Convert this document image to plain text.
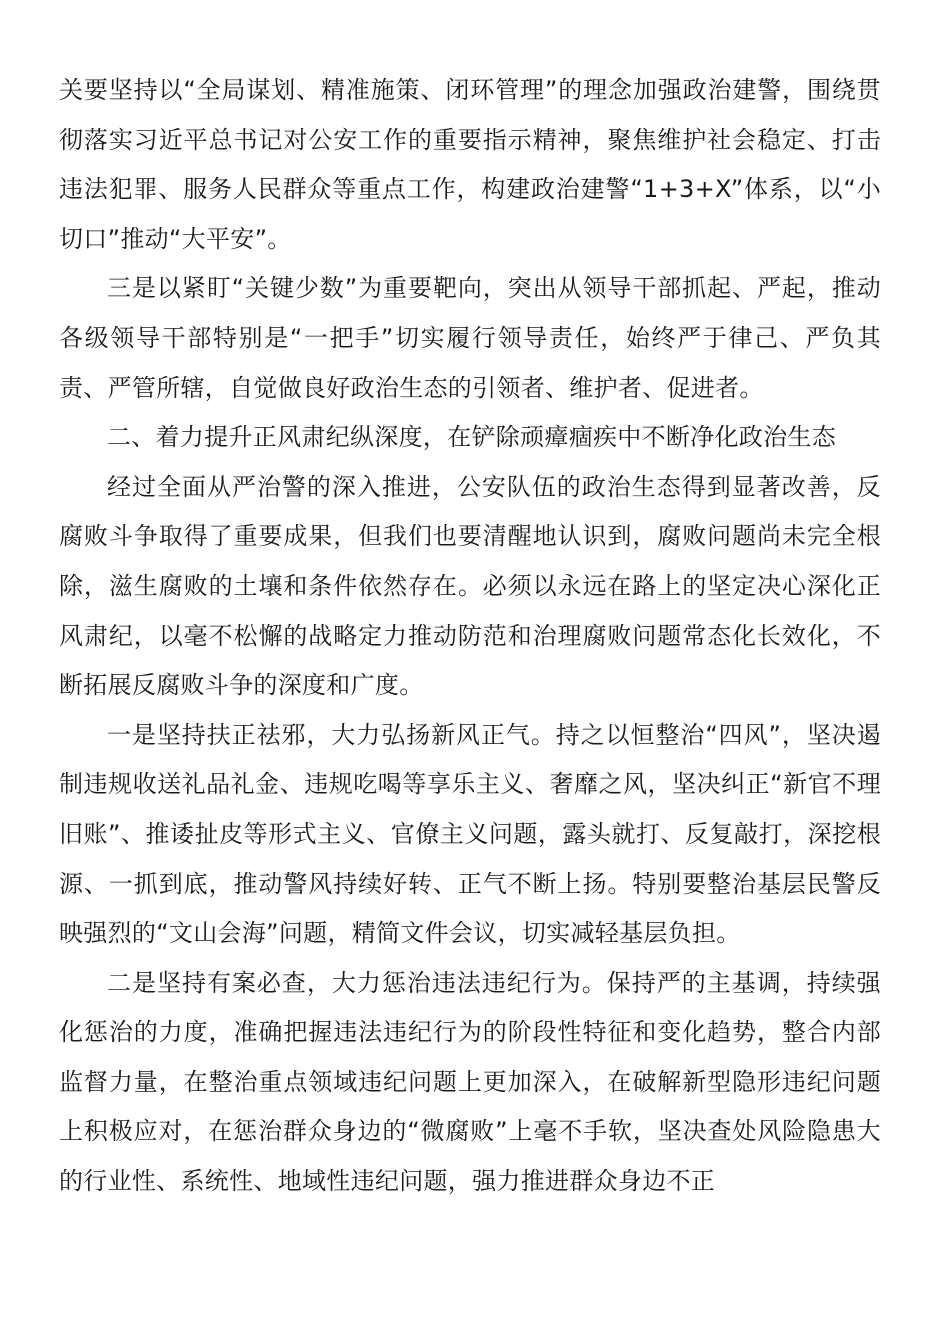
关要坚持以“全局谋划、精准施策、闭环管理”的理念加强政治建警，围绕贯彻落实习近平总书记对公安工作的重要指示精神，聚焦维护社会稳定、打击违法犯罪、服务人民群众等重点工作，构建政治建警“1+3+X”体系，以“小切口”推动“大平安”。

三是以紧盯“关键少数”为重要靶向，突出从领导干部抓起、严起，推动各级领导干部特别是“一把手”切实履行领导责任，始终严于律己、严负其责、严管所辖，自觉做良好政治生态的引领者、维护者、促进者。

二、着力提升正风肃纪纵深度，在铲除顽瘴痼疾中不断净化政治生态

经过全面从严治警的深入推进，公安队伍的政治生态得到显著改善，反腐败斗争取得了重要成果，但我们也要清醒地认识到，腐败问题尚未完全根除，滋生腐败的土壤和条件依然存在。必须以永远在路上的坚定决心深化正风肃纪，以毫不松懈的战略定力推动防范和治理腐败问题常态化长效化，不断拓展反腐败斗争的深度和广度。

一是坚持扶正祛邪，大力弘扬新风正气。持之以恒整治“四风”，坚决遏制违规收送礼品礼金、违规吃喝等享乐主义、奢靡之风，坚决纠正“新官不理旧账”、推诿扯皮等形式主义、官僚主义问题，露头就打、反复敲打，深挖根源、一抓到底，推动警风持续好转、正气不断上扬。特别要整治基层民警反映强烈的“文山会海”问题，精简文件会议，切实减轻基层负担。

二是坚持有案必查，大力惩治违法违纪行为。保持严的主基调，持续强化惩治的力度，准确把握违法违纪行为的阶段性特征和变化趋势，整合内部监督力量，在整治重点领域违纪问题上更加深入，在破解新型隐形违纪问题上积极应对，在惩治群众身边的“微腐败”上毫不手软，坚决查处风险隐患大的行业性、系统性、地域性违纪问题，强力推进群众身边不正
